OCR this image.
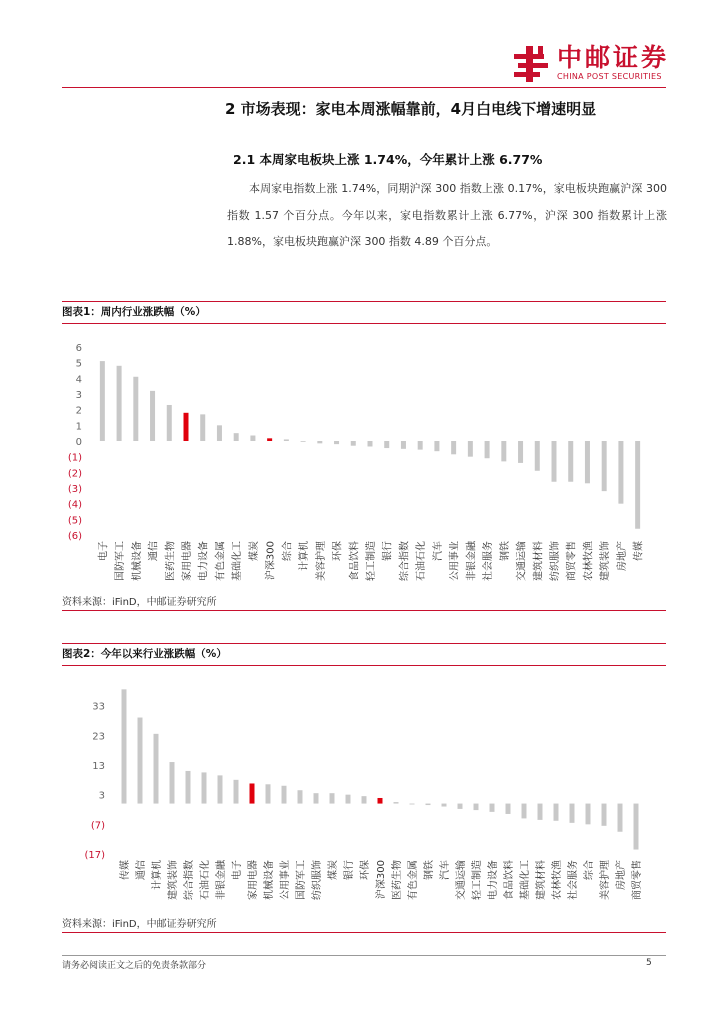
中邮证券
CHINA POST SECURITIES
2 市场表现：家电本周涨幅靠前，4月白电线下增速明显
2.1 本周家电板块上涨 1.74%，今年累计上涨 6.77%
本周家电指数上涨 1.74%，同期沪深 300 指数上涨 0.17%，家电板块跑赢沪深 300 指数 1.57 个百分点。今年以来，家电指数累计上涨 6.77%，沪深 300 指数累计上涨 1.88%，家电板块跑赢沪深 300 指数 4.89 个百分点。
图表1：周内行业涨跌幅（%）
6
5
4
3
2
1
0
(1)
(2)
(3)
(4)
(5)
(6)
电子 国防军工 机械设备 通信 医药生物 家用电器 电力设备 有色金属 基础化工 煤炭 沪深300 综合 计算机 美容护理 环保 食品饮料 轻工制造 银行 综合指数 石油石化 汽车 公用事业 非银金融 社会服务 钢铁 交通运输 建筑材料 纺织服饰 商贸零售 农林牧渔 建筑装饰 房地产 传媒
资料来源：iFinD，中邮证券研究所
图表2：今年以来行业涨跌幅（%）
33
23
13
3
(7)
(17)
传媒 通信 计算机 建筑装饰 综合指数 石油石化 非银金融 电子 家用电器 机械设备 公用事业 国防军工 纺织服饰 煤炭 银行 环保 沪深300 医药生物 有色金属 钢铁 汽车 交通运输 轻工制造 电力设备 食品饮料 基础化工 建筑材料 农林牧渔 社会服务 综合 美容护理 房地产 商贸零售
资料来源：iFinD，中邮证券研究所
请务必阅读正文之后的免责条款部分	5
